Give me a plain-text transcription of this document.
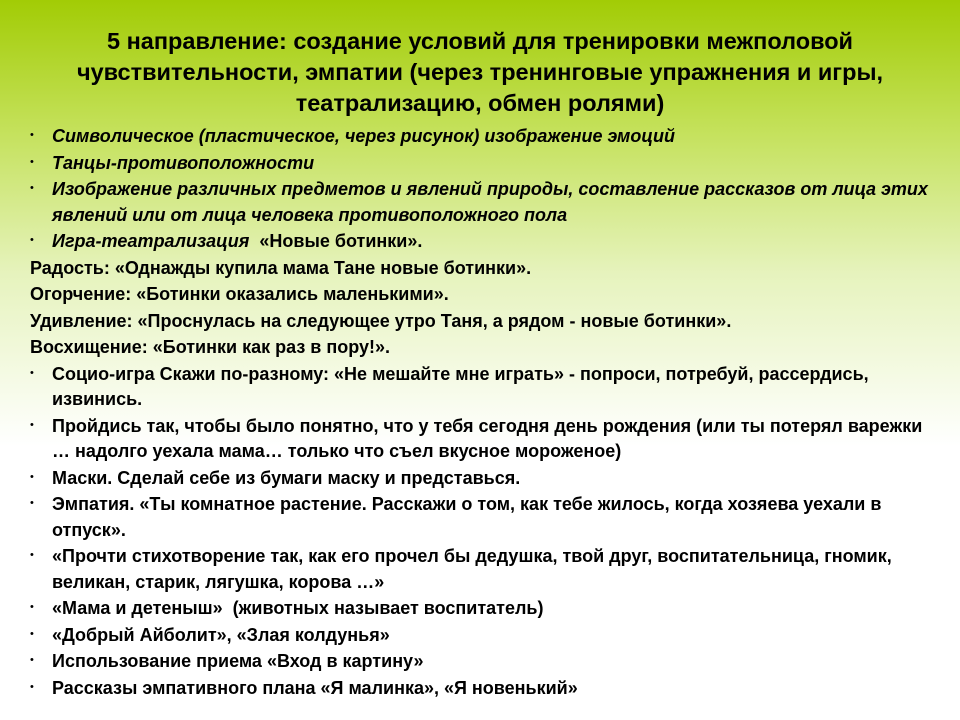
5 направление: создание условий для тренировки межполовой чувствительности, эмпатии (через тренинговые упражнения и игры, театрализацию, обмен ролями)
•	Символическое (пластическое, через рисунок) изображение эмоций
•	Танцы-противоположности
•	Изображение различных предметов и явлений природы, составление рассказов от лица этих явлений или от лица человека противоположного пола
•	Игра-театрализация  «Новые ботинки».
Радость: «Однажды купила мама Тане новые ботинки».
Огорчение: «Ботинки оказались маленькими».
Удивление: «Проснулась на следующее утро Таня, а рядом - новые ботинки».
Восхищение: «Ботинки как раз в пору!».
•	Социо-игра Скажи по-разному: «Не мешайте мне играть» - попроси, потребуй, рассердись, извинись.
•	Пройдись так, чтобы было понятно, что у тебя сегодня день рождения (или ты потерял варежки … надолго уехала мама… только что съел вкусное мороженое)
•	Маски. Сделай себе из бумаги маску и представься.
•	Эмпатия. «Ты комнатное растение. Расскажи о том, как тебе жилось, когда хозяева уехали в отпуск».
•	«Прочти стихотворение так, как его прочел бы дедушка, твой друг, воспитательница, гномик, великан, старик, лягушка, корова …»
•	«Мама и детеныш»  (животных называет воспитатель)
•	«Добрый Айболит», «Злая колдунья»
•	Использование приема «Вход в картину»
•	Рассказы эмпативного плана «Я малинка», «Я новенький»
